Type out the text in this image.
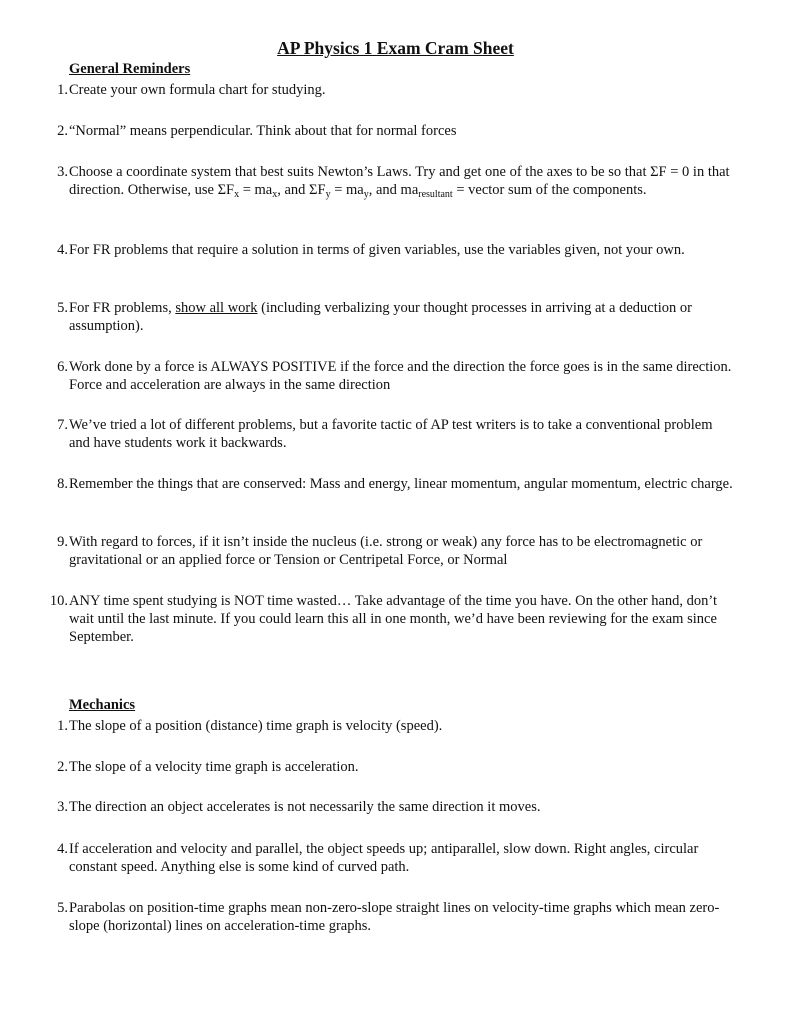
AP Physics 1 Exam Cram Sheet
General Reminders
1. Create your own formula chart for studying.
2. “Normal” means perpendicular. Think about that for normal forces
3. Choose a coordinate system that best suits Newton’s Laws. Try and get one of the axes to be so that ΣF = 0 in that direction. Otherwise, use $\Sigma F_x = ma_x$, and $\Sigma F_y = ma_y$, and $ma_{resultant}$ = vector sum of the components.
4. For FR problems that require a solution in terms of given variables, use the variables given, not your own.
5. For FR problems, show all work (including verbalizing your thought processes in arriving at a deduction or assumption).
6. Work done by a force is ALWAYS POSITIVE if the force and the direction the force goes is in the same direction. Force and acceleration are always in the same direction
7. We’ve tried a lot of different problems, but a favorite tactic of AP test writers is to take a conventional problem and have students work it backwards.
8. Remember the things that are conserved: Mass and energy, linear momentum, angular momentum, electric charge.
9. With regard to forces, if it isn’t inside the nucleus (i.e. strong or weak) any force has to be electromagnetic or gravitational or an applied force or Tension or Centripetal Force, or Normal
10. ANY time spent studying is NOT time wasted… Take advantage of the time you have. On the other hand, don’t wait until the last minute. If you could learn this all in one month, we’d have been reviewing for the exam since September.
Mechanics
1. The slope of a position (distance) time graph is velocity (speed).
2. The slope of a velocity time graph is acceleration.
3. The direction an object accelerates is not necessarily the same direction it moves.
4. If acceleration and velocity and parallel, the object speeds up; antiparallel, slow down. Right angles, circular constant speed. Anything else is some kind of curved path.
5. Parabolas on position-time graphs mean non-zero-slope straight lines on velocity-time graphs which mean zero-slope (horizontal) lines on acceleration-time graphs.
